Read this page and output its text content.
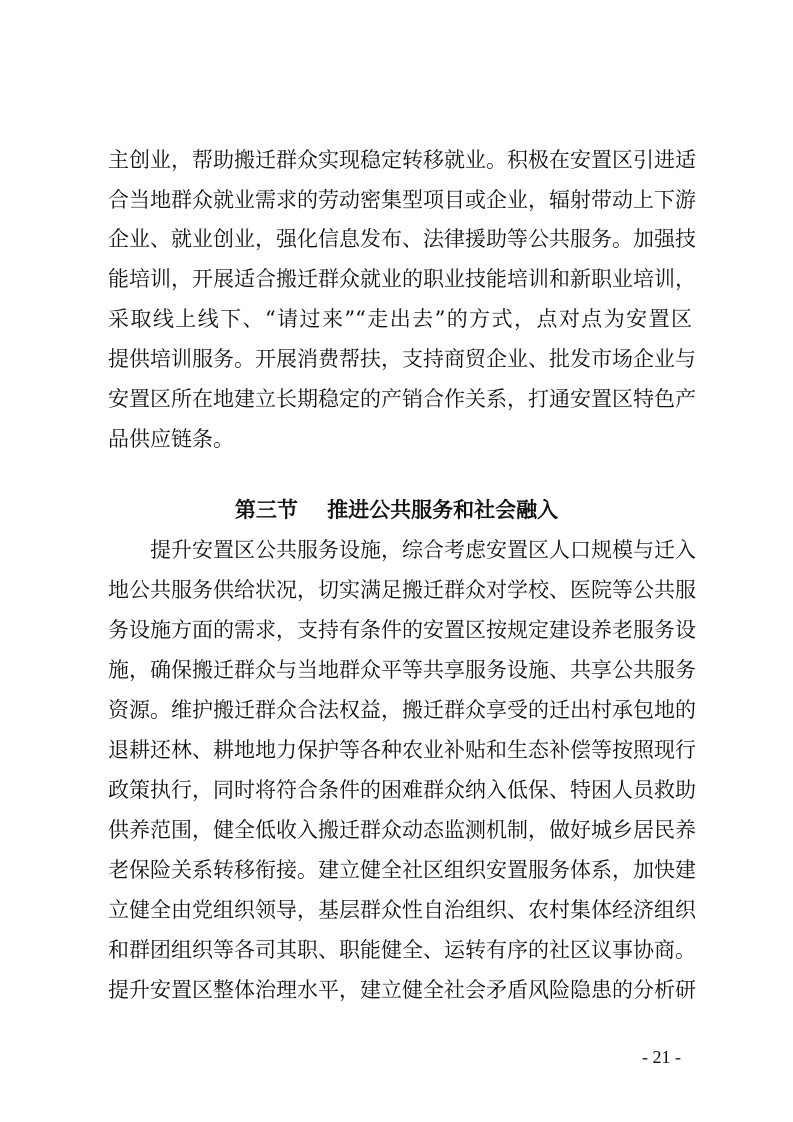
主创业，帮助搬迁群众实现稳定转移就业。积极在安置区引进适
合当地群众就业需求的劳动密集型项目或企业，辐射带动上下游
企业、就业创业，强化信息发布、法律援助等公共服务。加强技
能培训，开展适合搬迁群众就业的职业技能培训和新职业培训，
采取线上线下、“请过来”“走出去”的方式，点对点为安置区
提供培训服务。开展消费帮扶，支持商贸企业、批发市场企业与
安置区所在地建立长期稳定的产销合作关系，打通安置区特色产
品供应链条。
第三节    推进公共服务和社会融入
提升安置区公共服务设施，综合考虑安置区人口规模与迁入
地公共服务供给状况，切实满足搬迁群众对学校、医院等公共服
务设施方面的需求，支持有条件的安置区按规定建设养老服务设
施，确保搬迁群众与当地群众平等共享服务设施、共享公共服务
资源。维护搬迁群众合法权益，搬迁群众享受的迁出村承包地的
退耕还林、耕地地力保护等各种农业补贴和生态补偿等按照现行
政策执行，同时将符合条件的困难群众纳入低保、特困人员救助
供养范围，健全低收入搬迁群众动态监测机制，做好城乡居民养
老保险关系转移衔接。建立健全社区组织安置服务体系，加快建
立健全由党组织领导，基层群众性自治组织、农村集体经济组织
和群团组织等各司其职、职能健全、运转有序的社区议事协商。
提升安置区整体治理水平，建立健全社会矛盾风险隐患的分析研
- 21 -
